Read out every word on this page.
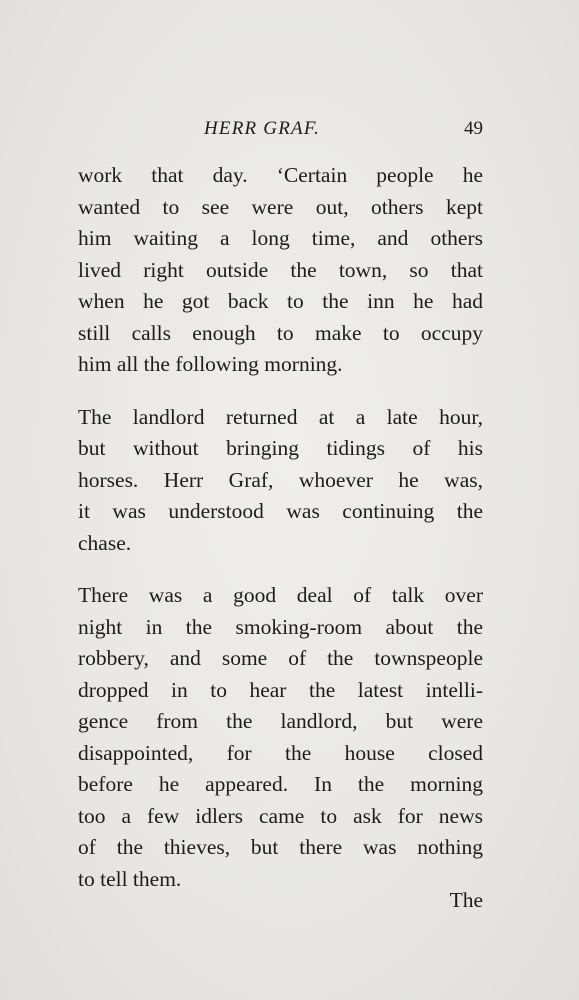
HERR GRAF.	49

work that day. ‘Certain people he
wanted to see were out, others kept
him waiting a long time, and others
lived right outside the town, so that
when he got back to the inn he had
still calls enough to make to occupy
him all the following morning.

The landlord returned at a late hour,
but without bringing tidings of his
horses. Herr Graf, whoever he was,
it was understood was continuing the
chase.

There was a good deal of talk over
night in the smoking-room about the
robbery, and some of the townspeople
dropped in to hear the latest intelli-
gence from the landlord, but were
disappointed, for the house closed
before he appeared. In the morning
too a few idlers came to ask for news
of the thieves, but there was nothing
to tell them.

The
